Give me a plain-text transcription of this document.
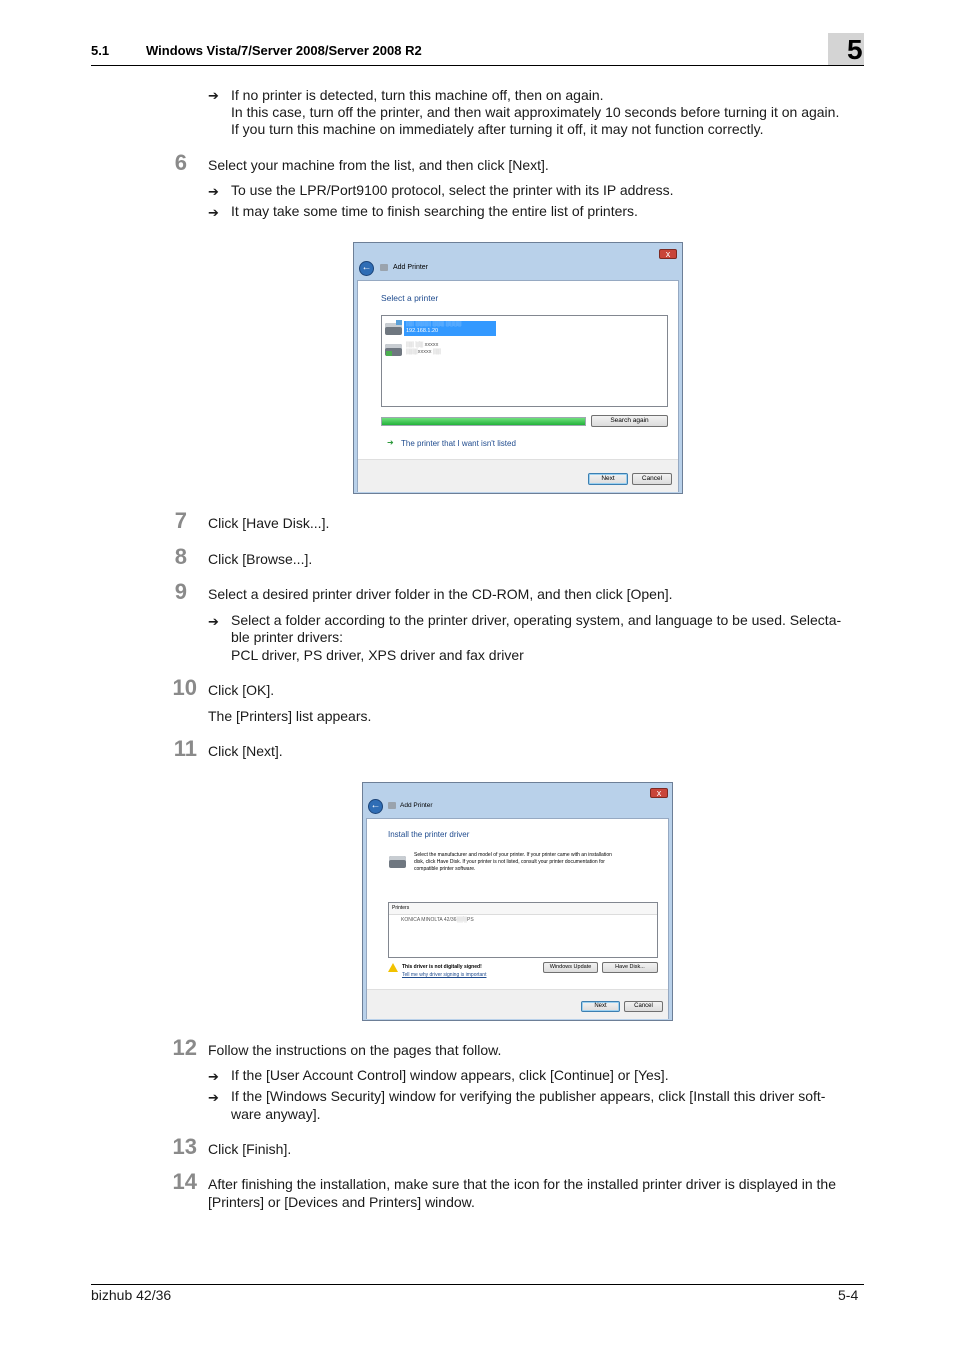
5.1	Windows Vista/7/Server 2008/Server 2008 R2	5
➔ If no printer is detected, turn this machine off, then on again.
In this case, turn off the printer, and then wait approximately 10 seconds before turning it on again.
If you turn this machine on immediately after turning it off, it may not function correctly.
6 Select your machine from the list, and then click [Next].
➔ To use the LPR/Port9100 protocol, select the printer with its IP address.
➔ It may take some time to finish searching the entire list of printers.
x
←	Add Printer
Select a printer
░░ ░░░░ ░░░ ░░░░
192.168.1.20
░░ ░░ xxxxx
░░░xxxxx ░░
Search again
➜ The printer that I want isn't listed
Next	Cancel
7 Click [Have Disk...].
8 Click [Browse...].
9 Select a desired printer driver folder in the CD-ROM, and then click [Open].
➔ Select a folder according to the printer driver, operating system, and language to be used. Selecta-
ble printer drivers:
PCL driver, PS driver, XPS driver and fax driver
10 Click [OK].
The [Printers] list appears.
11 Click [Next].
x
←	Add Printer
Install the printer driver
Select the manufacturer and model of your printer. If your printer came with an installation
disk, click Have Disk. If your printer is not listed, consult your printer documentation for
compatible printer software.
Printers
KONICA MINOLTA 42/36░░░PS
This driver is not digitally signed!
Tell me why driver signing is important
Windows Update	Have Disk...
Next	Cancel
12 Follow the instructions on the pages that follow.
➔ If the [User Account Control] window appears, click [Continue] or [Yes].
➔ If the [Windows Security] window for verifying the publisher appears, click [Install this driver soft-
ware anyway].
13 Click [Finish].
14 After finishing the installation, make sure that the icon for the installed printer driver is displayed in the
[Printers] or [Devices and Printers] window.
bizhub 42/36	5-4
